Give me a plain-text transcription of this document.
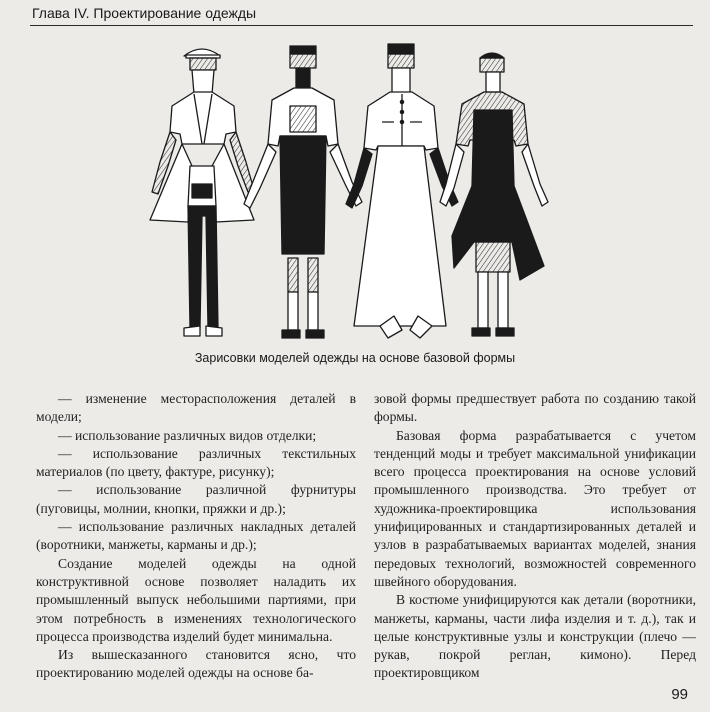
Глава IV. Проектирование одежды
Зарисовки моделей одежды на основе базовой формы

— изменение месторасположения деталей в модели;

— использование различных видов отделки;

— использование различных текстильных материалов (по цвету, фактуре, рисунку);

— использование различной фурнитуры (пуговицы, молнии, кнопки, пряжки и др.);

— использование различных накладных деталей (воротники, манжеты, карманы и др.);

Создание моделей одежды на одной конструктивной основе позволяет наладить их промышленный выпуск небольшими партиями, при этом потребность в изменениях технологического процесса производства изделий будет минимальна.

Из вышесказанного становится ясно, что проектированию моделей одежды на основе ба-

зовой формы предшествует работа по созданию такой формы.

Базовая форма разрабатывается с учетом тенденций моды и требует максимальной унификации всего процесса проектирования на основе условий промышленного производства. Это требует от художника-проектировщика использования унифицированных и стандартизированных деталей и узлов в разрабатываемых вариантах моделей, знания передовых технологий, возможностей современного швейного оборудования.

В костюме унифицируются как детали (воротники, манжеты, карманы, части лифа изделия и т. д.), так и целые конструктивные узлы и конструкции (плечо — рукав, покрой реглан, кимоно). Перед проектировщиком

99
